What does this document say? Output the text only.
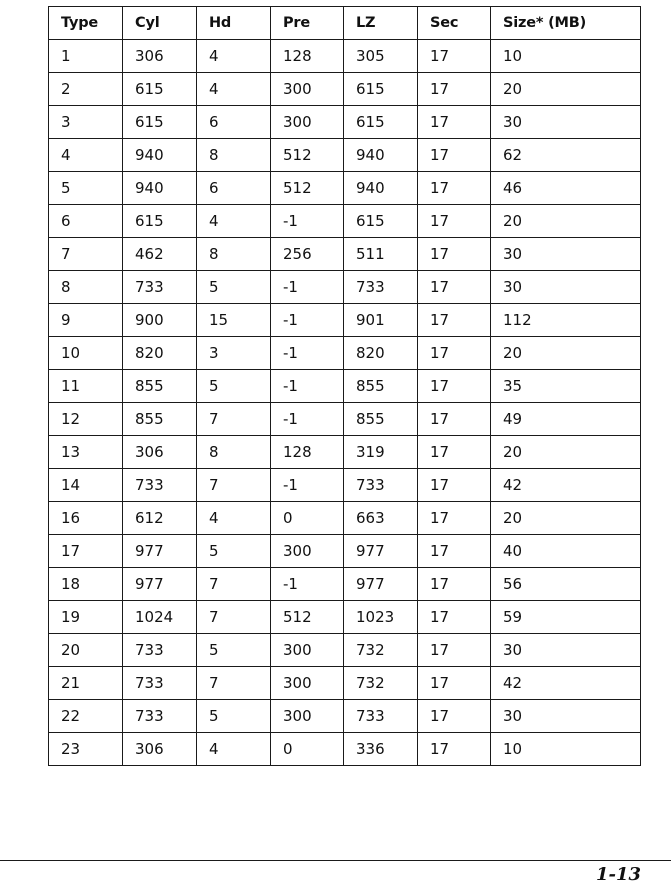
Type	Cyl	Hd	Pre	LZ	Sec	Size* (MB)
1	306	4	128	305	17	10
2	615	4	300	615	17	20
3	615	6	300	615	17	30
4	940	8	512	940	17	62
5	940	6	512	940	17	46
6	615	4	-1	615	17	20
7	462	8	256	511	17	30
8	733	5	-1	733	17	30
9	900	15	-1	901	17	112
10	820	3	-1	820	17	20
11	855	5	-1	855	17	35
12	855	7	-1	855	17	49
13	306	8	128	319	17	20
14	733	7	-1	733	17	42
16	612	4	0	663	17	20
17	977	5	300	977	17	40
18	977	7	-1	977	17	56
19	1024	7	512	1023	17	59
20	733	5	300	732	17	30
21	733	7	300	732	17	42
22	733	5	300	733	17	30
23	306	4	0	336	17	10
1-13
